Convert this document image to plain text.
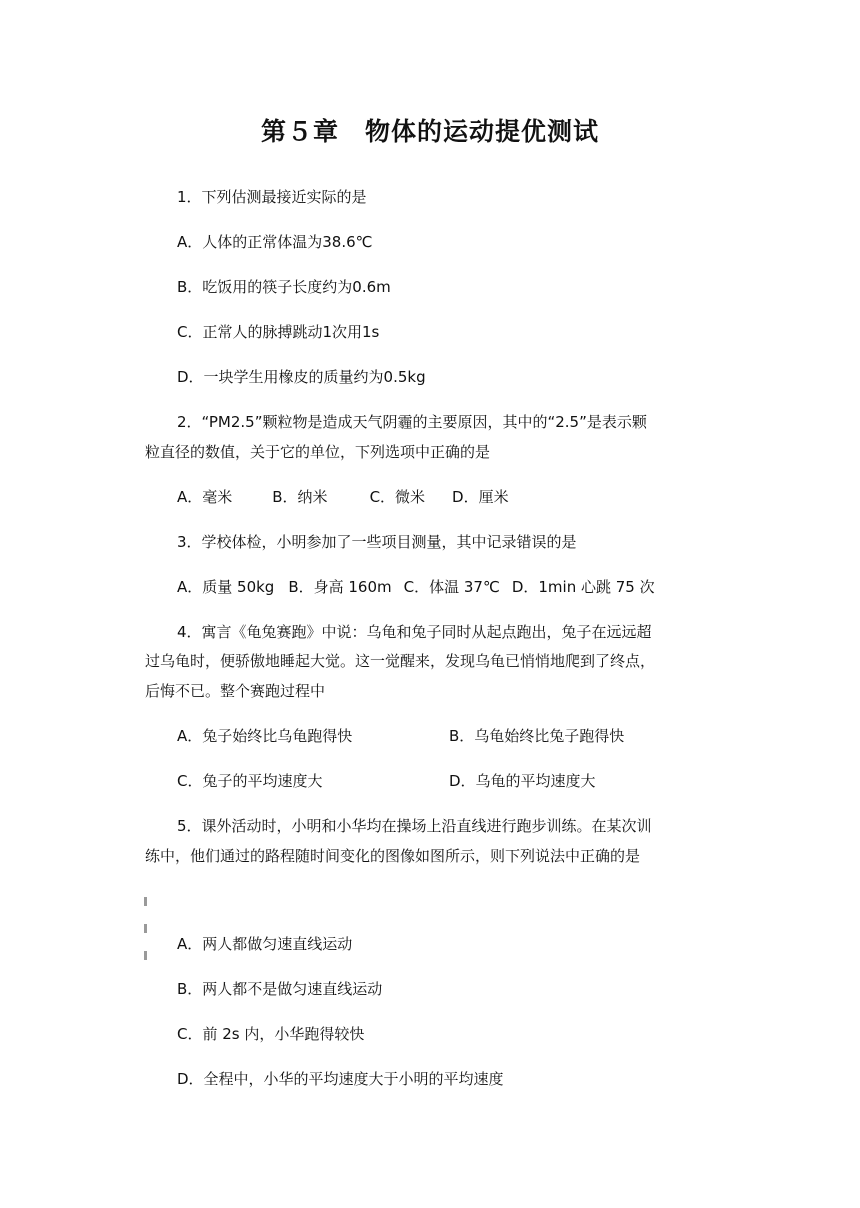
第５章　物体的运动提优测试
1．下列估测最接近实际的是
A．人体的正常体温为38.6℃
B．吃饭用的筷子长度约为0.6m
C．正常人的脉搏跳动1次用1s
D．一块学生用橡皮的质量约为0.5kg
2．“PM2.5”颗粒物是造成天气阴霾的主要原因，其中的“2.5”是表示颗
粒直径的数值，关于它的单位，下列选项中正确的是
A．毫米	B．纳米	C．微米 D．厘米
3．学校体检，小明参加了一些项目测量，其中记录错误的是
A．质量 50kg B．身高 160m C．体温 37℃ D．1min 心跳 75 次
4．寓言《龟兔赛跑》中说：乌龟和兔子同时从起点跑出，兔子在远远超
过乌龟时，便骄傲地睡起大觉。这一觉醒来，发现乌龟已悄悄地爬到了终点，
后悔不已。整个赛跑过程中
A．兔子始终比乌龟跑得快	B．乌龟始终比兔子跑得快
C．兔子的平均速度大	D．乌龟的平均速度大
5．课外活动时，小明和小华均在操场上沿直线进行跑步训练。在某次训
练中，他们通过的路程随时间变化的图像如图所示，则下列说法中正确的是
A．两人都做匀速直线运动
B．两人都不是做匀速直线运动
C．前 2s 内，小华跑得较快
D．全程中，小华的平均速度大于小明的平均速度
